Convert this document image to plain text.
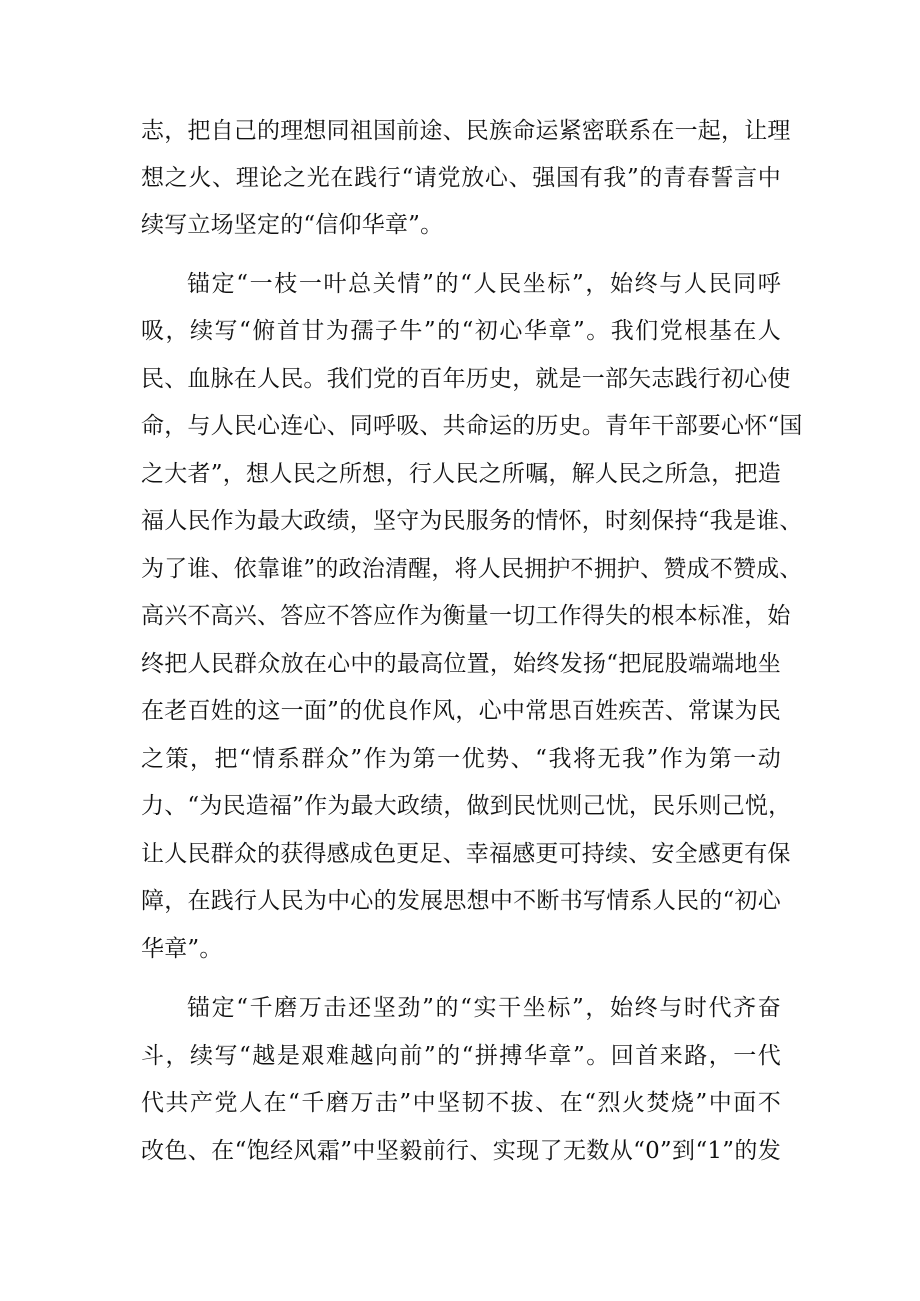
志，把自己的理想同祖国前途、民族命运紧密联系在一起，让理
想之火、理论之光在践行“请党放心、强国有我”的青春誓言中
续写立场坚定的“信仰华章”。
锚定“一枝一叶总关情”的“人民坐标”，始终与人民同呼
吸，续写“俯首甘为孺子牛”的“初心华章”。我们党根基在人
民、血脉在人民。我们党的百年历史，就是一部矢志践行初心使
命，与人民心连心、同呼吸、共命运的历史。青年干部要心怀“国
之大者”，想人民之所想，行人民之所嘱，解人民之所急，把造
福人民作为最大政绩，坚守为民服务的情怀，时刻保持“我是谁、
为了谁、依靠谁”的政治清醒，将人民拥护不拥护、赞成不赞成、
高兴不高兴、答应不答应作为衡量一切工作得失的根本标准，始
终把人民群众放在心中的最高位置，始终发扬“把屁股端端地坐
在老百姓的这一面”的优良作风，心中常思百姓疾苦、常谋为民
之策，把“情系群众”作为第一优势、“我将无我”作为第一动
力、“为民造福”作为最大政绩，做到民忧则己忧，民乐则己悦，
让人民群众的获得感成色更足、幸福感更可持续、安全感更有保
障，在践行人民为中心的发展思想中不断书写情系人民的“初心
华章”。
锚定“千磨万击还坚劲”的“实干坐标”，始终与时代齐奋
斗，续写“越是艰难越向前”的“拼搏华章”。回首来路，一代
代共产党人在“千磨万击”中坚韧不拔、在“烈火焚烧”中面不
改色、在“饱经风霜”中坚毅前行、实现了无数从“0”到“1”的发
